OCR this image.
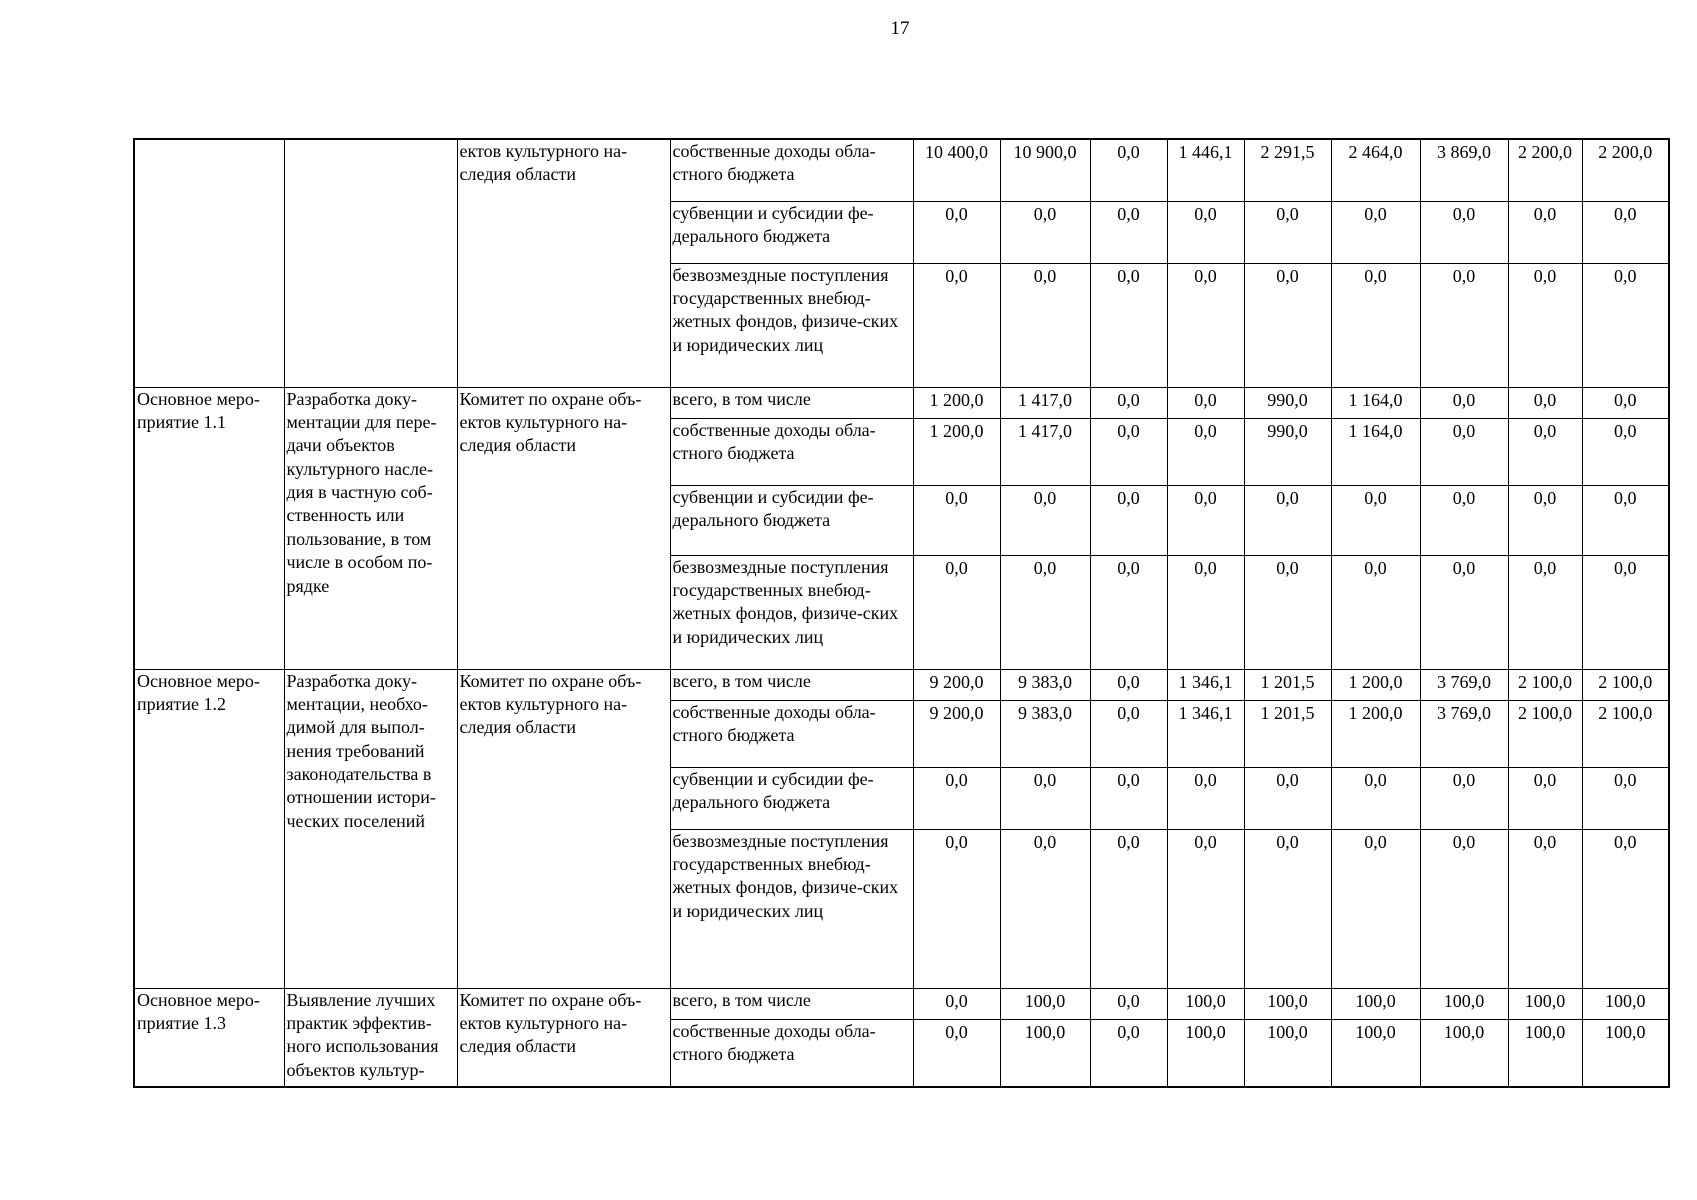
17
		ектов культурного на-следия области	собственные доходы обла-стного бюджета	10 400,0	10 900,0	0,0	1 446,1	2 291,5	2 464,0	3 869,0	2 200,0	2 200,0
			субвенции и субсидии фе-дерального бюджета	0,0	0,0	0,0	0,0	0,0	0,0	0,0	0,0	0,0
			безвозмездные поступления государственных внебюд-жетных фондов, физиче-ских и юридических лиц	0,0	0,0	0,0	0,0	0,0	0,0	0,0	0,0	0,0
Основное меро-приятие 1.1	Разработка доку-ментации для пере-дачи объектов культурного насле-дия в частную соб-ственность или пользование, в том числе в особом по-рядке	Комитет по охране объ-ектов культурного на-следия области	всего, в том числе	1 200,0	1 417,0	0,0	0,0	990,0	1 164,0	0,0	0,0	0,0
			собственные доходы обла-стного бюджета	1 200,0	1 417,0	0,0	0,0	990,0	1 164,0	0,0	0,0	0,0
			субвенции и субсидии фе-дерального бюджета	0,0	0,0	0,0	0,0	0,0	0,0	0,0	0,0	0,0
			безвозмездные поступления государственных внебюд-жетных фондов, физиче-ских и юридических лиц	0,0	0,0	0,0	0,0	0,0	0,0	0,0	0,0	0,0
Основное меро-приятие 1.2	Разработка доку-ментации, необхо-димой для выпол-нения требований законодательства в отношении истори-ческих поселений	Комитет по охране объ-ектов культурного на-следия области	всего, в том числе	9 200,0	9 383,0	0,0	1 346,1	1 201,5	1 200,0	3 769,0	2 100,0	2 100,0
			собственные доходы обла-стного бюджета	9 200,0	9 383,0	0,0	1 346,1	1 201,5	1 200,0	3 769,0	2 100,0	2 100,0
			субвенции и субсидии фе-дерального бюджета	0,0	0,0	0,0	0,0	0,0	0,0	0,0	0,0	0,0
			безвозмездные поступления государственных внебюд-жетных фондов, физиче-ских и юридических лиц	0,0	0,0	0,0	0,0	0,0	0,0	0,0	0,0	0,0
Основное меро-приятие 1.3	Выявление лучших практик эффектив-ного использования объектов культур-	Комитет по охране объ-ектов культурного на-следия области	всего, в том числе	0,0	100,0	0,0	100,0	100,0	100,0	100,0	100,0	100,0
			собственные доходы обла-стного бюджета	0,0	100,0	0,0	100,0	100,0	100,0	100,0	100,0	100,0
